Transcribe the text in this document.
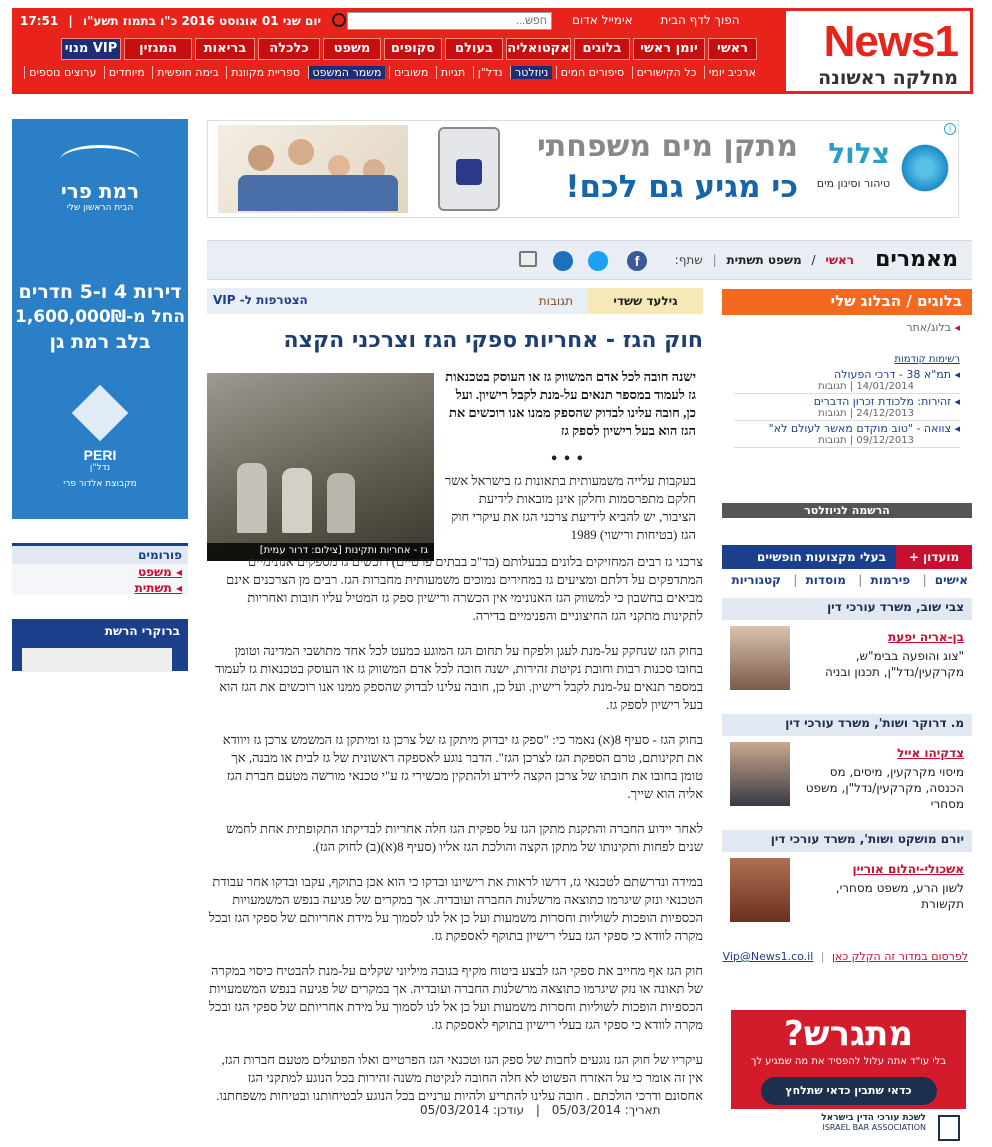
News1
מחלקה ראשונה
יום שני 01 אוגוסט 2016 כ"ו בתמוז תשע"ו | 17:51	הפוך לדף הבית אימייל אדום
חפש...
ראשי
יומן ראשי
בלוגים
אקטואליה
בעולם
סקופים
משפט
כלכלה
בריאות
המגזין
מנוי VIP
ארכיב יומי כל הקישורים סיפורים חמים ניוזלטר נדל"ן תגיות משובים משמר המשפט ספריית מקוונת בימה חופשית מיוחדים ערוצים נוספים
מתקן מים משפחתי
כי מגיע גם לכם!
צלול
טיהור וסינון מים
i
רמת פרי
הבית הראשון שלי
דירות 4 ו-5 חדרים
החל מ-1,600,000₪
בלב רמת גן
PERI
נדל"ן
מקבוצת אלדור פרי
פורומים
◂ משפט
◂ תשתית
ברוקרי הרשת
מאמרים
ראשי / משפט תשתית | שתף:
f
גילעד ששדי
תגובות
הצטרפות ל- VIP
חוק הגז - אחריות ספקי הגז וצרכני הקצה
גז - אחריות ותקינות [צילום: דרור עמית]
ישנה חובה לכל אדם המשווק גז או העוסק בטכנאות גז לעמוד במספר תנאים על-מנת לקבל רישיון. ועל כן, חובה עלינו לבדוק שהספק ממנו אנו רוכשים את הגז הוא בעל רישיון לספק גז
• • •

בעקבות עלייה משמעותית בתאונות גז בישראל אשר חלקם מתפרסמות וחלקן אינן מובאות לידיעת הציבור, יש להביא לידיעת צרכני הגז את עיקרי חוק הגז (בטיחות ורישוי) 1989

צרכני גז רבים המחזיקים בלונים בבעלותם (בד"כ בבתים פרטיים) רוכשים גז מספקים אנונימיים המתדפקים על דלתם ומציעים גז במחירים נמוכים משמעותית מחברות הגז. רבים מן הצרכנים אינם מביאים בחשבון כי למשווק הגז האנונימי אין הכשרה ורישיון ספק גז המטיל עליו חובות ואחריות לתקינות מתקני הגז החיצוניים והפנימיים בדירה.

בחוק הגז שנחקק על-מנת לעגן ולפקח על תחום הגז המוגע כמעט לכל אחד מתושבי המדינה וטומן בחובו סכנות רבות וחובת נקיטת זהירות, ישנה חובה לכל אדם המשווק גז או העוסק בטכנאות גז לעמוד במספר תנאים על-מנת לקבל רישיון. ועל כן, חובה עלינו לבדוק שהספק ממנו אנו רוכשים את הגז הוא בעל רישיון לספק גז.

בחוק הגז - סעיף 8(א) נאמר כי: "ספק גז יבדוק מיתקן גז של צרכן גז ומיתקן גז המשמש צרכן גז ויוודא את תקינותם, טרם הספקת הגז לצרכן הגז". הדבר נוגע לאספקה ראשונית של גז לבית או מבנה, אך טומן בחובו את חובתו של צרכן הקצה ליידע ולהתקין מכשירי גז ע"י טכנאי מורשה מטעם חברת הגז אליה הוא שייך.

לאחר יידוע החברה והתקנת מתקן הגז על ספקית הגז חלה אחריות לבדיקתו התקופתית אחת לחמש שנים לפחות ותקינותו של מתקן הקצה והולכת הגז אליו (סעיף 8(א)(ב) לחוק הגז).

במידה ונדרשתם לטכנאי גז, דרשו לראות את רישיונו ובדקו כי הוא אכן בתוקף, עקבו ובדקו אחר עבודת הטכנאי ונזק שיגרמו כתוצאה מרשלנות החברה ועובדיה. אך במקרים של פגיעה בנפש המשמעויות הכספיות הופכות לשוליות וחסרות משמעות ועל כן אל לנו לסמוך על מידת אחריותם של ספקי הגז ובכל מקרה לוודא כי ספקי הגז בעלי רישיון בתוקף לאספקת גז.

חוק הגז אף מחייב את ספקי הגז לבצע ביטוח מקיף בגובה מיליוני שקלים על-מנת להבטיח כיסוי במקרה של תאונה או נזק שיגרמו כתוצאה מרשלנות החברה ועובדיה. אך במקרים של פגיעה בנפש המשמעויות הכספיות הופכות לשוליות וחסרות משמעות ועל כן אל לנו לסמוך על מידת אחריותם של ספקי הגז ובכל מקרה לוודא כי ספקי הגז בעלי רישיון בתוקף לאספקת גז.

עיקריו של חוק הגז נוגעים לחבות של ספק הגז וטכנאי הגז הפרטיים ואלו הפועלים מטעם חברות הגז, אין זה אומר כי על האזרח הפשוט לא חלה החובה לנקיטת משנה זהירות בכל הנוגע למתקני הגז אחסונם ודרכי הולכתם . חובה עלינו להתריע ולהיות ערניים בכל הנוגע לבטיחותנו ובטיחות משפחתנו.

תאריך: 05/03/2014 | עודכן: 05/03/2014
בלוגים / הבלוג שלי
◂ בלוג/אתר
רשימות קודמות
◂ תמ"א 38 - דרכי הפעולה
14/01/2014 | תגובות
◂ זהירות: מלכודת זכרון הדברים
24/12/2013 | תגובות
◂ צוואה - "טוב מוקדם מאשר לעולם לא"
09/12/2013 | תגובות
הרשמה לניוזלטר
מועדון +
בעלי מקצועות חופשיים
אישים| פירמות| מוסדות| קטגוריות
צבי שוב, משרד עורכי דין
בן-אריה יפעת
"צוג והופעה בבימ"ש, מקרקעין/נדל"ן, תכנון ובניה
מ. דרוקר ושות', משרד עורכי דין
צדקיהו אייל
מיסוי מקרקעין, מיסים, מס הכנסה, מקרקעין/נדל"ן, משפט מסחרי
יורם מושקט ושות', משרד עורכי דין
אשכולי-יהלום אוריין
לשון הרע, משפט מסחרי, תקשורת
לפרסום במדור זה הקלק כאן | Vip@News1.co.il
מתגרש?
בלי עו"ד אתה עלול להפסיד את מה שמגיע לך
כדאי שתבין כדאי שתלחץ
לשכת עורכי הדין בישראל
ISRAEL BAR ASSOCIATION
